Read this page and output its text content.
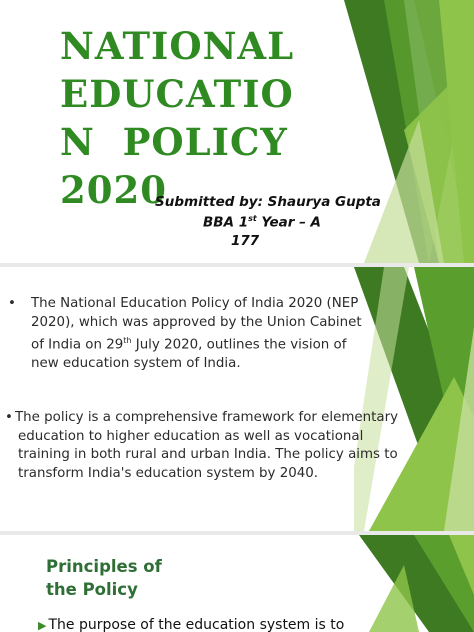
NATIONAL
EDUCATIO
N  POLICY
2020
Submitted by: Shaurya Gupta
BBA 1st Year – A
177
• The National Education Policy of India 2020 (NEP
2020), which was approved by the Union Cabinet
of India on 29th July 2020, outlines the vision of
new education system of India.
• The policy is a comprehensive framework for elementary
education to higher education as well as vocational
training in both rural and urban India. The policy aims to
transform India's education system by 2040.
Principles of
the Policy
▶ The purpose of the education system is to
